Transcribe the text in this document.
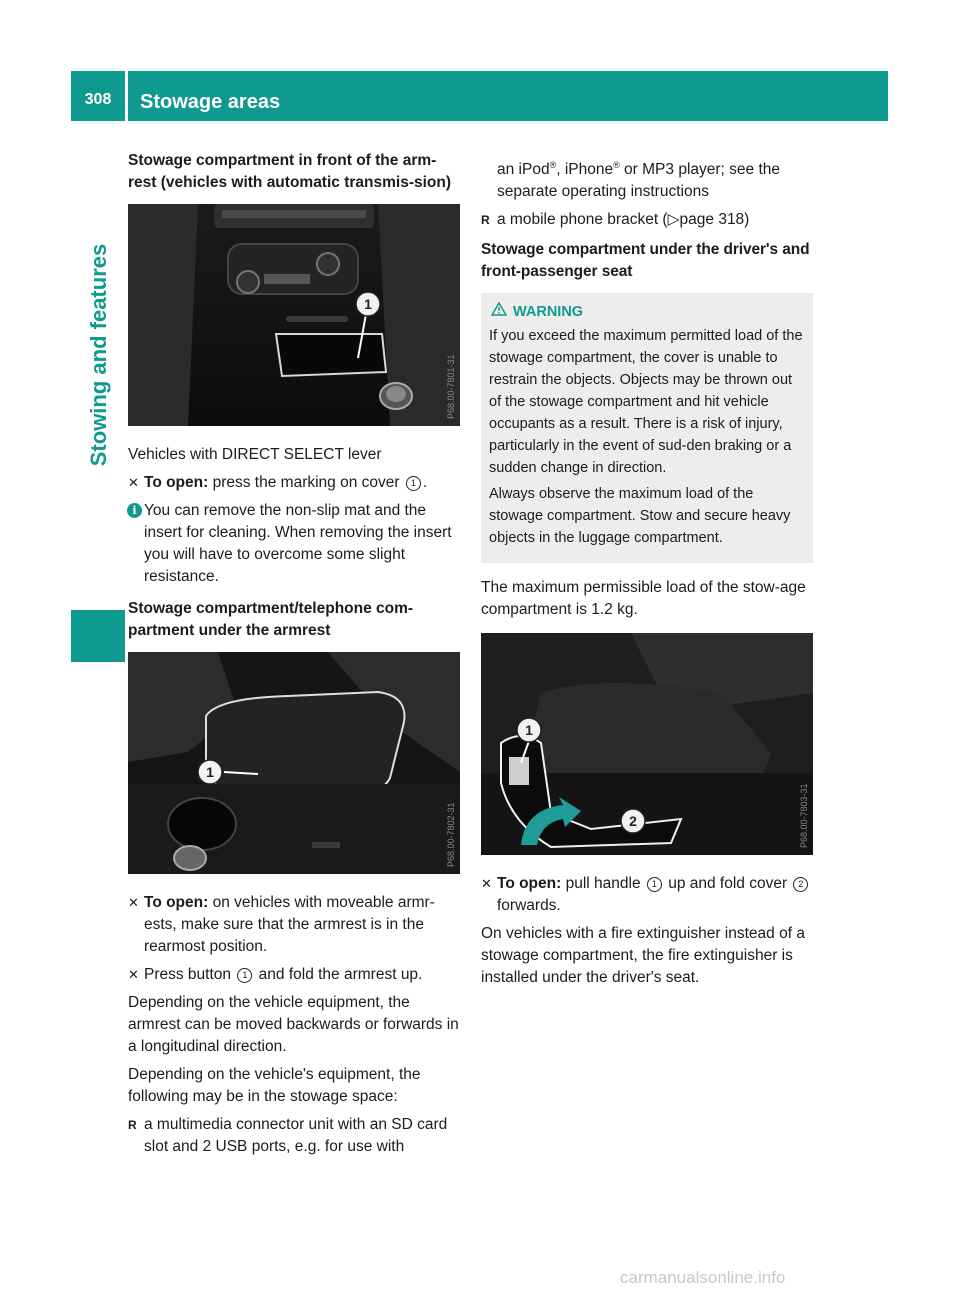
308	Stowage areas
Stowing and features
Stowage compartment in front of the arm-rest (vehicles with automatic transmis-sion)
1
P68.00-7801-31

Vehicles with DIRECT SELECT lever

✕ To open: press the marking on cover 1 .
i You can remove the non-slip mat and the insert for cleaning. When removing the insert you will have to overcome some slight resistance.
Stowage compartment/telephone com-partment under the armrest
1
P68.00-7802-31
✕ To open: on vehicles with moveable armr-ests, make sure that the armrest is in the rearmost position.
✕ Press button 1 and fold the armrest up.

Depending on the vehicle equipment, the armrest can be moved backwards or forwards in a longitudinal direction.

Depending on the vehicle's equipment, the following may be in the stowage space:

R a multimedia connector unit with an SD card slot and 2 USB ports, e.g. for use with
an iPod®, iPhone® or MP3 player; see the separate operating instructions
R a mobile phone bracket (▷page 318)
Stowage compartment under the driver's and front-passenger seat
WARNING

If you exceed the maximum permitted load of the stowage compartment, the cover is unable to restrain the objects. Objects may be thrown out of the stowage compartment and hit vehicle occupants as a result. There is a risk of injury, particularly in the event of sud-den braking or a sudden change in direction.

Always observe the maximum load of the stowage compartment. Stow and secure heavy objects in the luggage compartment.

The maximum permissible load of the stow-age compartment is 1.2 kg.

1
2	P68.00-7803-31
✕ To open: pull handle 1 up and fold cover 2 forwards.

On vehicles with a fire extinguisher instead of a stowage compartment, the fire extinguisher is installed under the driver's seat.

carmanualsonline.info
